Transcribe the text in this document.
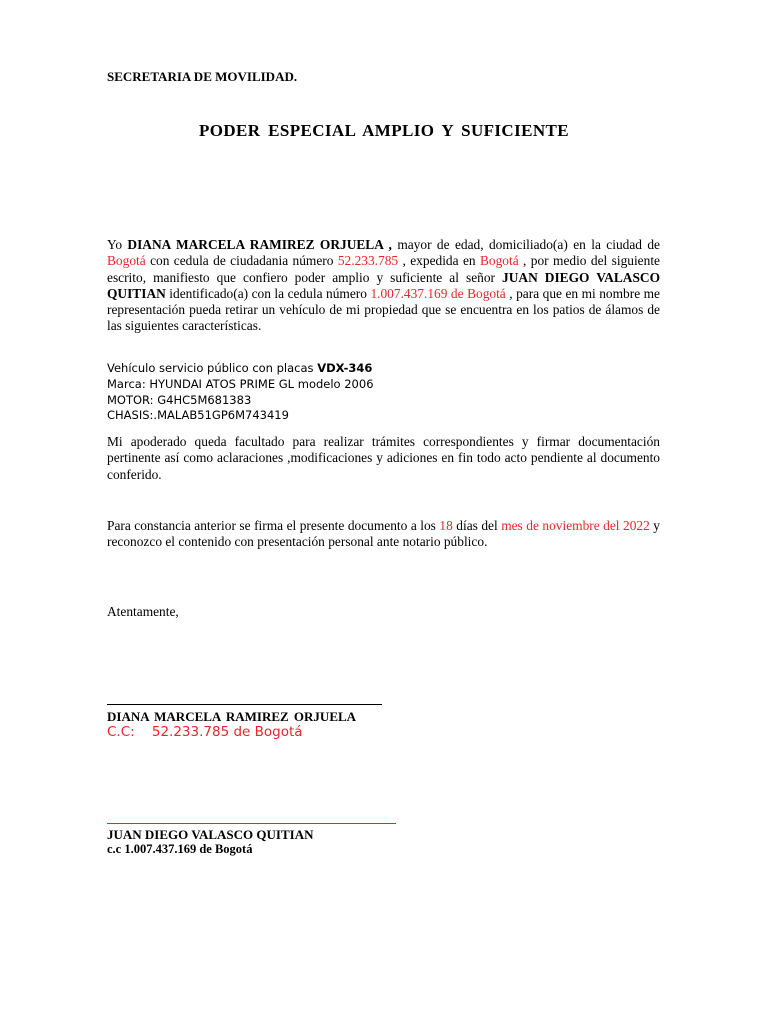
SECRETARIA DE MOVILIDAD.
PODER ESPECIAL AMPLIO Y SUFICIENTE
Yo DIANA MARCELA RAMIREZ ORJUELA , mayor de edad, domiciliado(a) en la ciudad de Bogotá con cedula de ciudadania número 52.233.785 , expedida en Bogotá , por medio del siguiente escrito, manifiesto que confiero poder amplio y suficiente al señor JUAN DIEGO VALASCO QUITIAN identificado(a) con la cedula número 1.007.437.169 de Bogotá , para que en mi nombre me representación pueda retirar un vehículo de mi propiedad que se encuentra en los patios de álamos de las siguientes características.
Vehículo servicio público con placas VDX-346
Marca: HYUNDAI ATOS PRIME GL modelo 2006
MOTOR: G4HC5M681383
CHASIS:.MALAB51GP6M743419
Mi apoderado queda facultado para realizar trámites correspondientes y firmar documentación pertinente así como aclaraciones ,modificaciones y adiciones en fin todo acto pendiente al documento conferido.
Para constancia anterior se firma el presente documento a los 18 días del mes de noviembre del 2022 y reconozco el contenido con presentación personal ante notario público.
Atentamente,
DIANA MARCELA RAMIREZ ORJUELA
C.C:    52.233.785 de Bogotá
JUAN DIEGO VALASCO QUITIAN
c.c 1.007.437.169 de Bogotá
